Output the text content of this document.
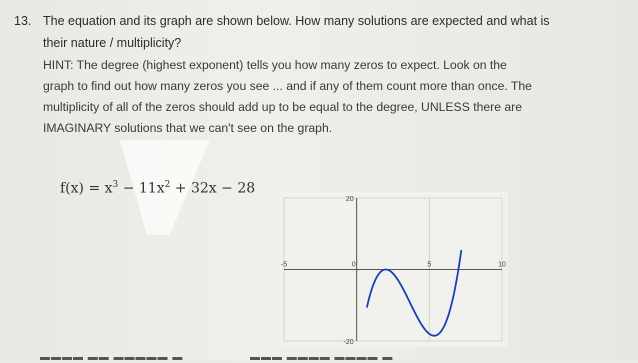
13. The equation and its graph are shown below. How many solutions are expected and what is
their nature / multiplicity?
HINT: The degree (highest exponent) tells you how many zeros to expect. Look on the
graph to find out how many zeros you see ... and if any of them count more than once. The
multiplicity of all of the zeros should add up to be equal to the degree, UNLESS there are
IMAGINARY solutions that we can't see on the graph.
$f(x) = x^3 - 11x^2 + 32x - 28$
-5	0	5	10
20
-20
▬▬▬▬ ▬▬ ▬▬▬▬▬ ▬	▬▬▬ ▬▬▬▬ ▬▬▬▬ ▬
